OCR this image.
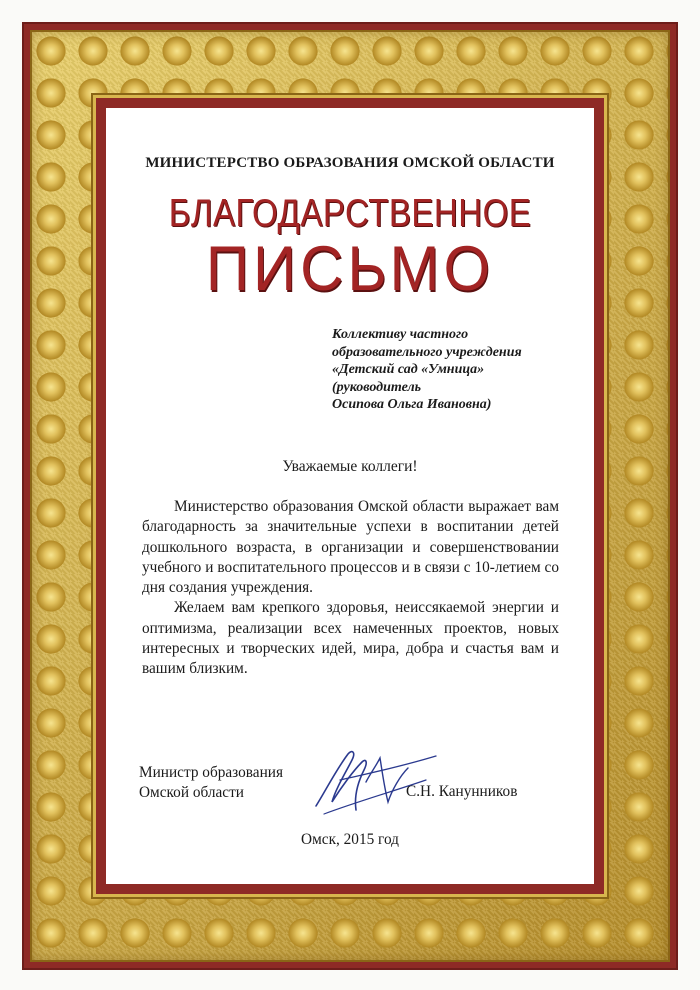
МИНИСТЕРСТВО ОБРАЗОВАНИЯ ОМСКОЙ ОБЛАСТИ
БЛАГОДАРСТВЕННОЕ
ПИСЬМО
Коллективу частного
образовательного учреждения
«Детский сад «Умница»
(руководитель
Осипова Ольга Ивановна)
Уважаемые коллеги!

Министерство образования Омской области выражает вам благодарность за значительные успехи в воспитании детей дошкольного возраста, в организации и совершенствовании учебного и воспитательного процессов и в связи с 10-летием со дня создания учреждения.

Желаем вам крепкого здоровья, неиссякаемой энергии и оптимизма, реализации всех намеченных проектов, новых интересных и творческих идей, мира, добра и счастья вам и вашим близким.

Министр образования
Омской области	С.Н. Канунников
Омск, 2015 год
